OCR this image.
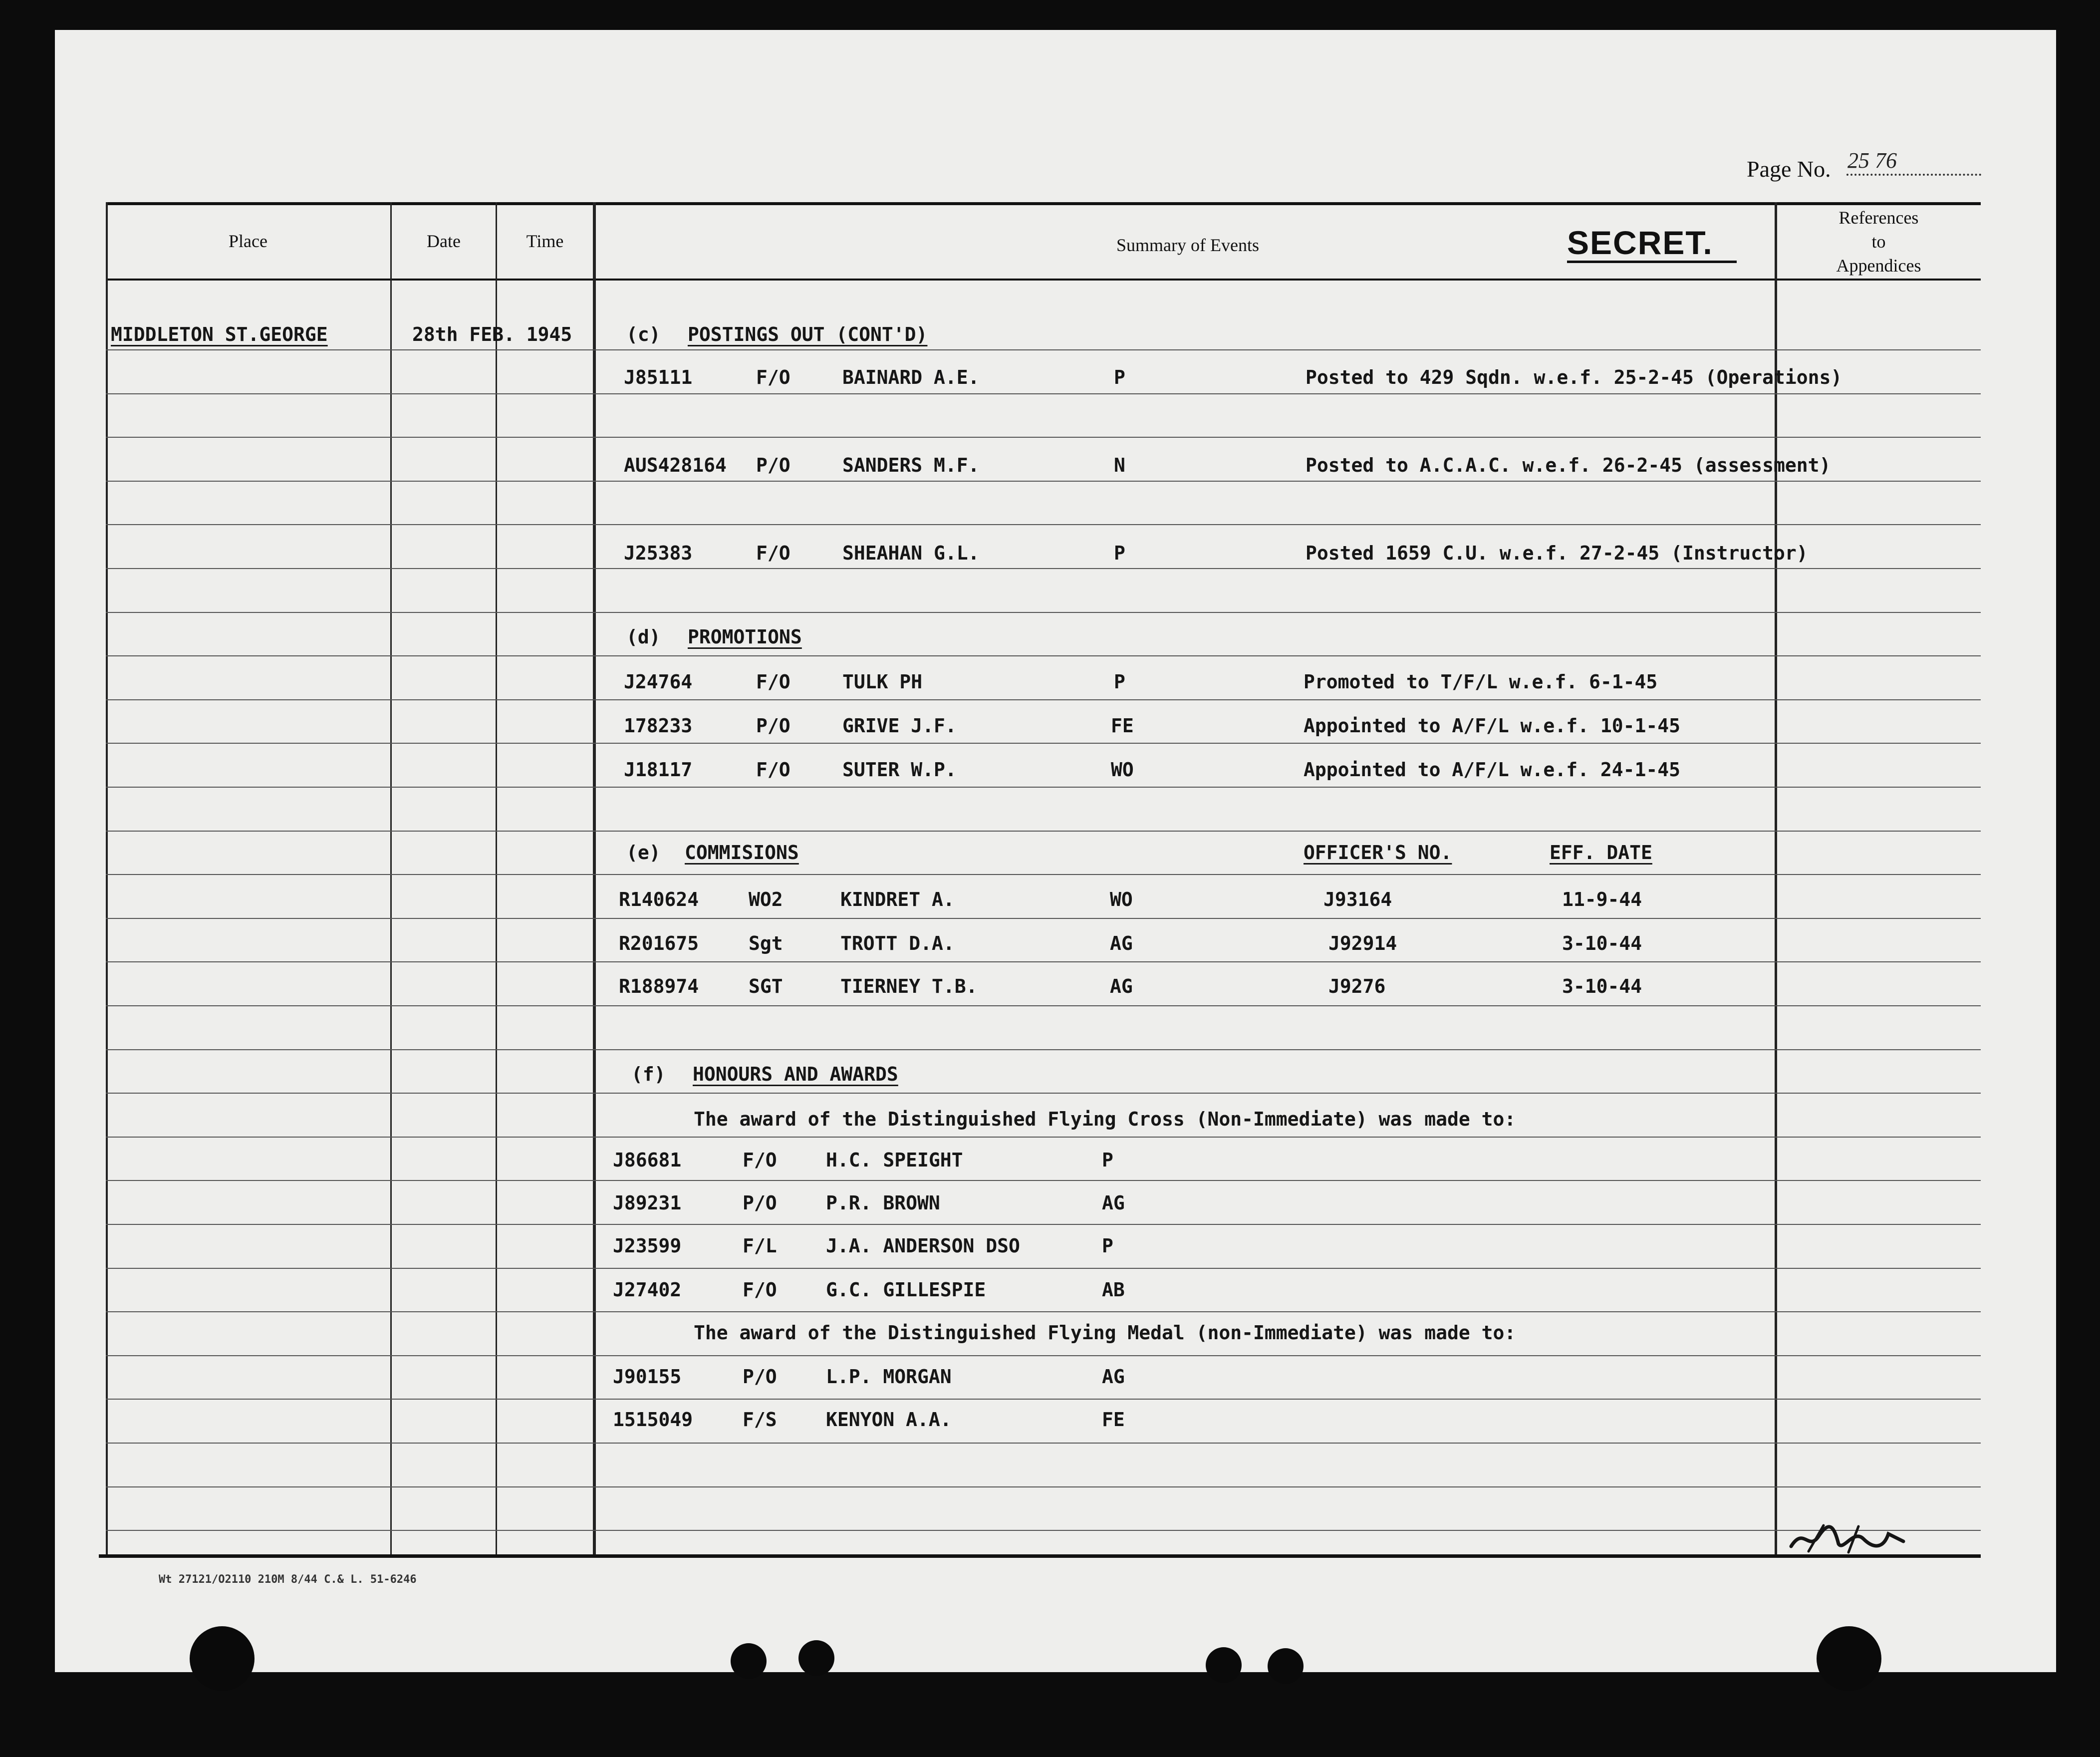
Page No. 25 76
Place	Date	Time	Summary of Events	SECRET.
References
to
Appendices
MIDDLETON ST.GEORGE	28th FEB. 1945	(c) POSTINGS OUT (CONT'D)
J85111	F/O	BAINARD A.E.	P	Posted to 429 Sqdn. w.e.f. 25-2-45 (Operations)
AUS428164 P/O	SANDERS M.F.	N	Posted to A.C.A.C. w.e.f. 26-2-45 (assessment)
J25383	F/O	SHEAHAN G.L.	P	Posted 1659 C.U. w.e.f. 27-2-45 (Instructor)
(d) PROMOTIONS
J24764	F/O	TULK PH	P	Promoted to T/F/L w.e.f. 6-1-45
178233	P/O	GRIVE J.F.	FE	Appointed to A/F/L w.e.f. 10-1-45
J18117	F/O	SUTER W.P.	WO	Appointed to A/F/L w.e.f. 24-1-45
(e) COMMISIONS	OFFICER'S NO.	EFF. DATE
R140624	WO2	KINDRET A.	WO	J93164	11-9-44
R201675	Sgt	TROTT D.A.	AG	J92914	3-10-44
R188974	SGT	TIERNEY T.B.	AG	J9276	3-10-44
(f) HONOURS AND AWARDS
The award of the Distinguished Flying Cross (Non-Immediate) was made to:
J86681	F/O	H.C. SPEIGHT	P
J89231	P/O	P.R. BROWN	AG
J23599	F/L	J.A. ANDERSON DSO	P
J27402	F/O	G.C. GILLESPIE	AB
The award of the Distinguished Flying Medal (non-Immediate) was made to:
J90155	P/O	L.P. MORGAN	AG
1515049	F/S	KENYON A.A.	FE
Wt 27121/O2110 210M 8/44 C.& L. 51-6246
